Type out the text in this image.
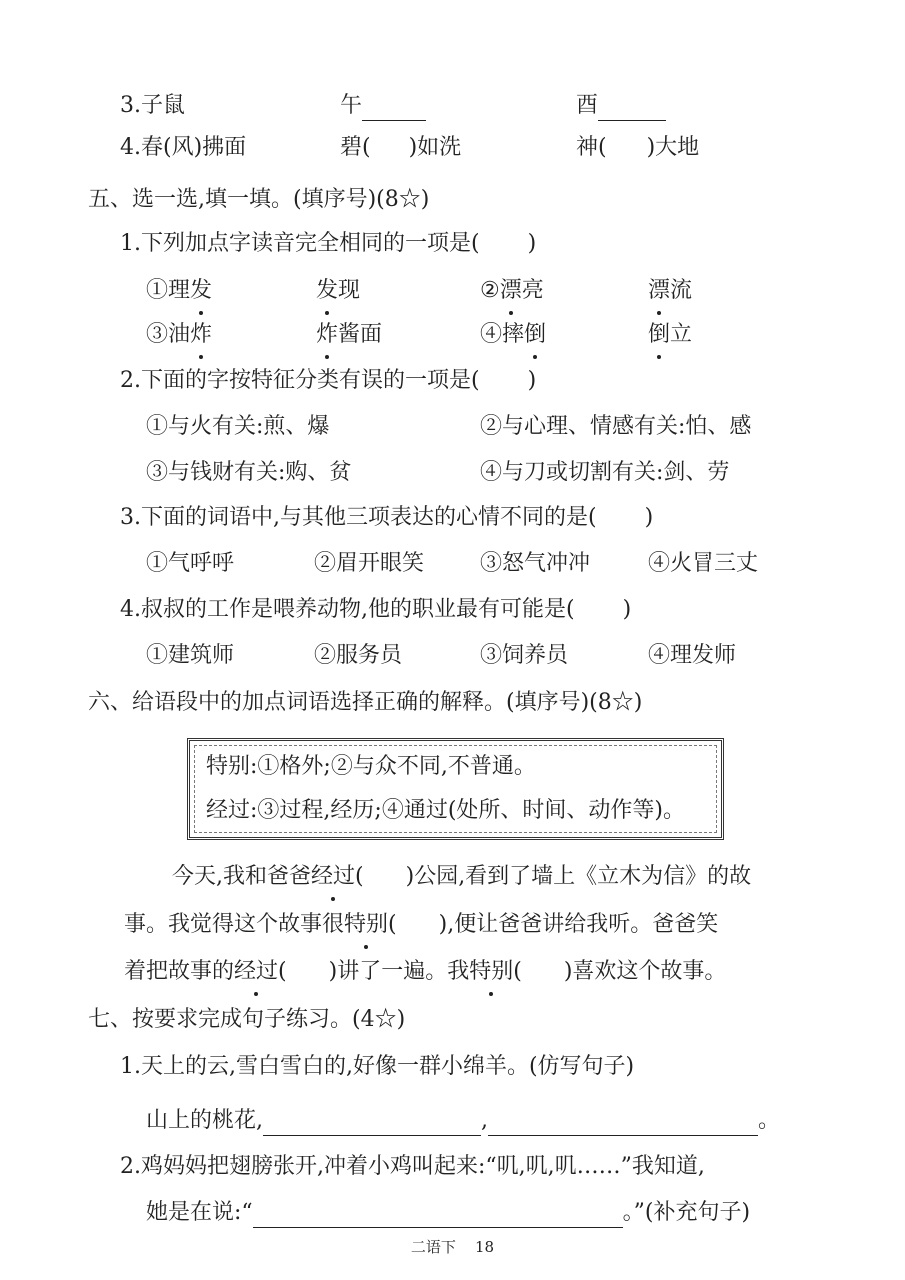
3.子鼠	午	酉
4.春(风)拂面	碧( )如洗	神( )大地
五、选一选,填一填。(填序号)(8☆)
1.下列加点字读音完全相同的一项是( )
①理发	发现	②漂亮	漂流
③油炸	炸酱面	④摔倒	倒立
2.下面的字按特征分类有误的一项是( )
①与火有关:煎、爆	②与心理、情感有关:怕、感
③与钱财有关:购、贫	④与刀或切割有关:剑、劳
3.下面的词语中,与其他三项表达的心情不同的是( )
①气呼呼	②眉开眼笑	③怒气冲冲	④火冒三丈
4.叔叔的工作是喂养动物,他的职业最有可能是( )
①建筑师	②服务员	③饲养员	④理发师
六、给语段中的加点词语选择正确的解释。(填序号)(8☆)
特别:①格外;②与众不同,不普通。
经过:③过程,经历;④通过(处所、时间、动作等)。
今天,我和爸爸经过( )公园,看到了墙上《立木为信》的故
事。我觉得这个故事很特别( ),便让爸爸讲给我听。爸爸笑
着把故事的经过( )讲了一遍。我特别( )喜欢这个故事。
七、按要求完成句子练习。(4☆)
1.天上的云,雪白雪白的,好像一群小绵羊。(仿写句子)
山上的桃花,	,	。
2.鸡妈妈把翅膀张开,冲着小鸡叫起来:“叽,叽,叽……”我知道,
她是在说:“	。”(补充句子)
二语下 18
